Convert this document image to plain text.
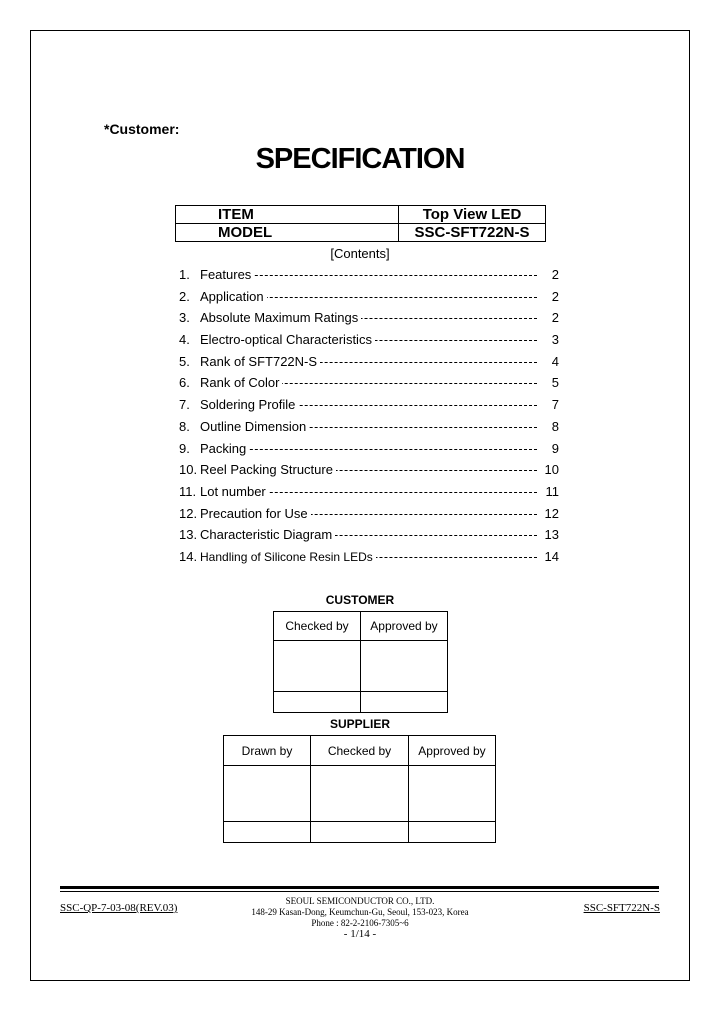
*Customer:
SPECIFICATION
ITEM	Top View LED
MODEL	SSC-SFT722N-S
[Contents]
1. Features	2
2. Application	2
3. Absolute Maximum Ratings	2
4. Electro-optical Characteristics	3
5. Rank of SFT722N-S	4
6. Rank of Color	5
7. Soldering Profile	7
8. Outline Dimension	8
9. Packing	9
10. Reel Packing Structure	10
11. Lot number	11
12. Precaution for Use	12
13. Characteristic Diagram	13
14. Handling of Silicone Resin LEDs	14
CUSTOMER
Checked by	Approved by

SUPPLIER
Drawn by	Checked by	Approved by

SSC-QP-7-03-08(REV.03)
SEOUL SEMICONDUCTOR CO., LTD.
148-29 Kasan-Dong, Keumchun-Gu, Seoul, 153-023, Korea
Phone : 82-2-2106-7305~6
- 1/14 -
SSC-SFT722N-S
